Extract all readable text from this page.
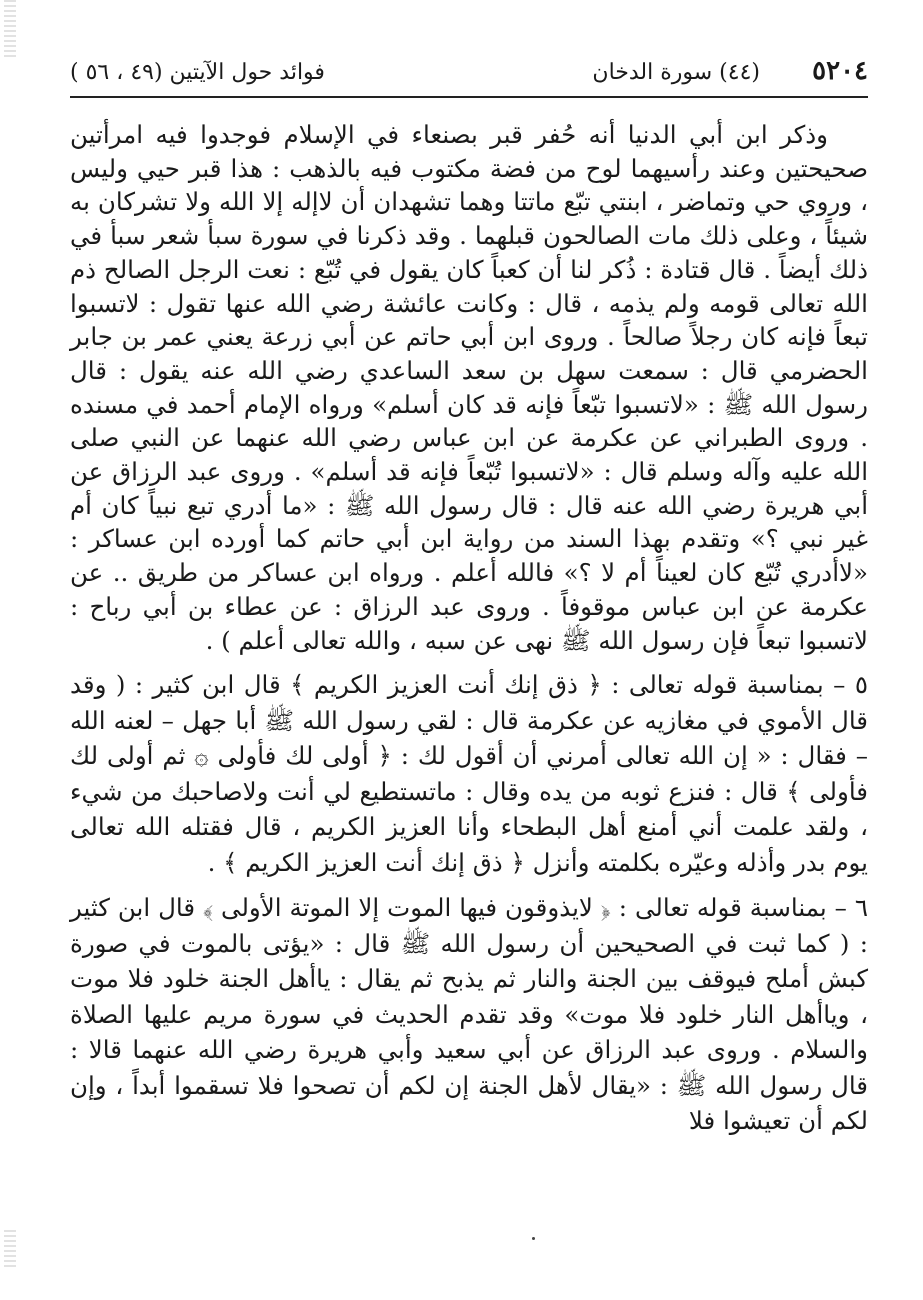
٥٢٠٤
(٤٤) سورة الدخان
فوائد حول الآيتين (٤٩ ، ٥٦ )

وذكر ابن أبي الدنيا أنه حُفر قبر بصنعاء في الإسلام فوجدوا فيه امرأتين صحيحتين وعند رأسيهما لوح من فضة مكتوب فيه بالذهب : هذا قبر حيي وليس ، وروي حي وتماضر ، ابنتي تبّع ماتتا وهما تشهدان أن لاإله إلا الله ولا تشركان به شيئاً ، وعلى ذلك مات الصالحون قبلهما . وقد ذكرنا في سورة سبأ شعر سبأ في ذلك أيضاً . قال قتادة : ذُكر لنا أن كعباً كان يقول في تُبّع : نعت الرجل الصالح ذم الله تعالى قومه ولم يذمه ، قال : وكانت عائشة رضي الله عنها تقول : لاتسبوا تبعاً فإنه كان رجلاً صالحاً . وروى ابن أبي حاتم عن أبي زرعة يعني عمر بن جابر الحضرمي قال : سمعت سهل بن سعد الساعدي رضي الله عنه يقول : قال رسول الله ﷺ : «لاتسبوا تبّعاً فإنه قد كان أسلم» ورواه الإمام أحمد في مسنده . وروى الطبراني عن عكرمة عن ابن عباس رضي الله عنهما عن النبي صلى الله عليه وآله وسلم قال : «لاتسبوا تُبّعاً فإنه قد أسلم» . وروى عبد الرزاق عن أبي هريرة رضي الله عنه قال : قال رسول الله ﷺ : «ما أدري تبع نبياً كان أم غير نبي ؟» وتقدم بهذا السند من رواية ابن أبي حاتم كما أورده ابن عساكر : «لاأدري تُبّع كان لعيناً أم لا ؟» فالله أعلم . ورواه ابن عساكر من طريق .. عن عكرمة عن ابن عباس موقوفاً . وروى عبد الرزاق : عن عطاء بن أبي رباح : لاتسبوا تبعاً فإن رسول الله ﷺ نهى عن سبه ، والله تعالى أعلم ) .

٥ – بمناسبة قوله تعالى : ﴿ ذق إنك أنت العزيز الكريم ﴾ قال ابن كثير : ( وقد قال الأموي في مغازيه عن عكرمة قال : لقي رسول الله ﷺ أبا جهل – لعنه الله – فقال : « إن الله تعالى أمرني أن أقول لك : ﴿ أولى لك فأولى ۞ ثم أولى لك فأولى ﴾ قال : فنزع ثوبه من يده وقال : ماتستطيع لي أنت ولاصاحبك من شيء ، ولقد علمت أني أمنع أهل البطحاء وأنا العزيز الكريم ، قال فقتله الله تعالى يوم بدر وأذله وعيّره بكلمته وأنزل ﴿ ذق إنك أنت العزيز الكريم ﴾ .

٦ – بمناسبة قوله تعالى : ﴿ لايذوقون فيها الموت إلا الموتة الأولى ﴾ قال ابن كثير : ( كما ثبت في الصحيحين أن رسول الله ﷺ قال : «يؤتى بالموت في صورة كبش أملح فيوقف بين الجنة والنار ثم يذبح ثم يقال : ياأهل الجنة خلود فلا موت ، وياأهل النار خلود فلا موت» وقد تقدم الحديث في سورة مريم عليها الصلاة والسلام . وروى عبد الرزاق عن أبي سعيد وأبي هريرة رضي الله عنهما قالا : قال رسول الله ﷺ : «يقال لأهل الجنة إن لكم أن تصحوا فلا تسقموا أبداً ، وإن لكم أن تعيشوا فلا
